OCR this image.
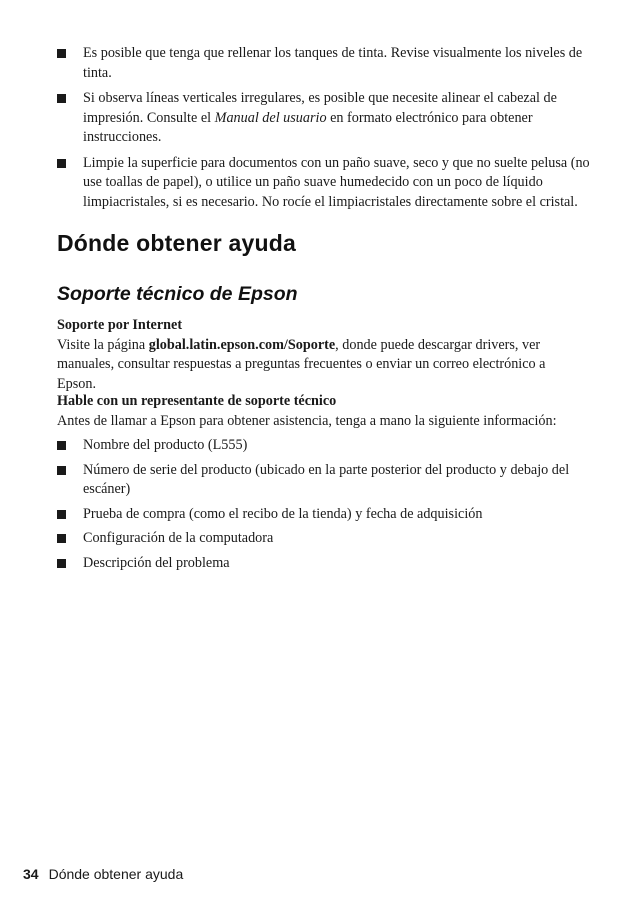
Es posible que tenga que rellenar los tanques de tinta. Revise visualmente los niveles de tinta.
Si observa líneas verticales irregulares, es posible que necesite alinear el cabezal de impresión. Consulte el Manual del usuario en formato electrónico para obtener instrucciones.
Limpie la superficie para documentos con un paño suave, seco y que no suelte pelusa (no use toallas de papel), o utilice un paño suave humedecido con un poco de líquido limpiacristales, si es necesario. No rocíe el limpiacristales directamente sobre el cristal.
Dónde obtener ayuda
Soporte técnico de Epson

Soporte por Internet

Visite la página global.latin.epson.com/Soporte, donde puede descargar drivers, ver manuales, consultar respuestas a preguntas frecuentes o enviar un correo electrónico a Epson.

Hable con un representante de soporte técnico

Antes de llamar a Epson para obtener asistencia, tenga a mano la siguiente información:

Nombre del producto (L555)
Número de serie del producto (ubicado en la parte posterior del producto y debajo del escáner)
Prueba de compra (como el recibo de la tienda) y fecha de adquisición
Configuración de la computadora
Descripción del problema
34 Dónde obtener ayuda
